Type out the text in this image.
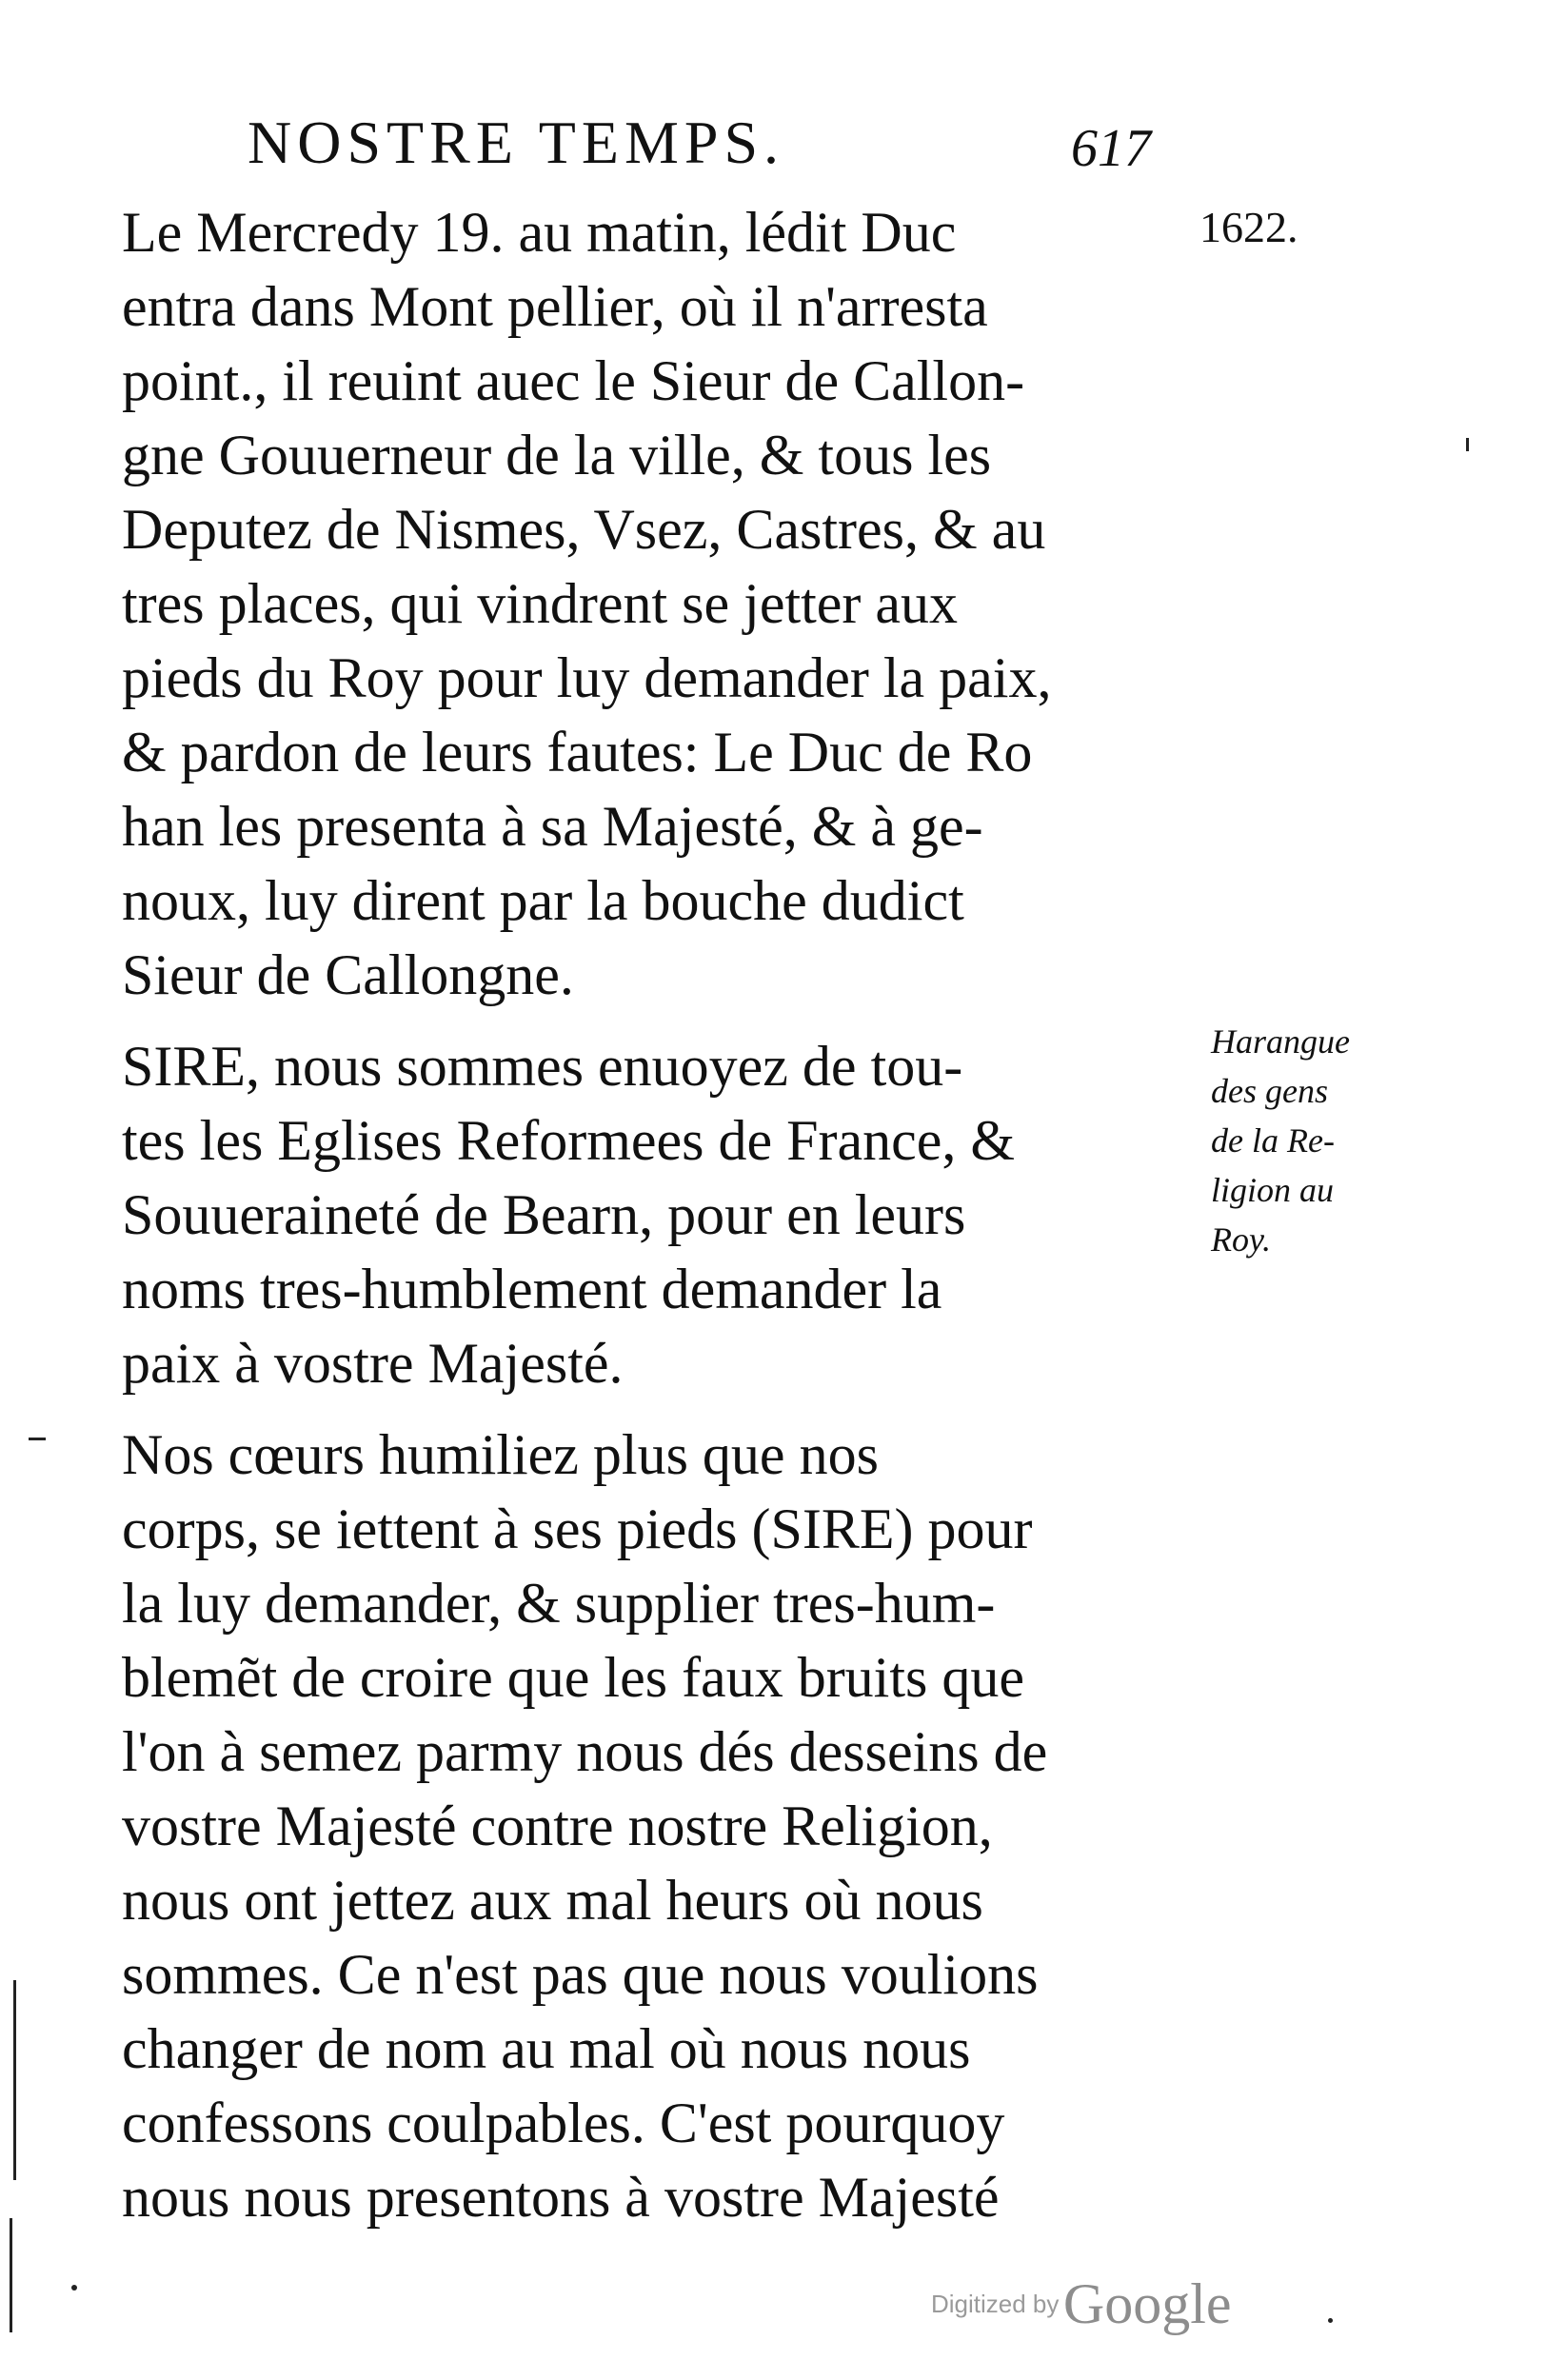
NOSTRE TEMPS.	617
1622.
Le Mercredy 19. au matin, lédit Duc
entra dans Mont pellier, où il n'arresta
point., il reuint auec le Sieur de Callon-
gne Gouuerneur de la ville, & tous les
Deputez de Nismes, Vsez, Castres, & au
tres places, qui vindrent se jetter aux
pieds du Roy pour luy demander la paix,
& pardon de leurs fautes: Le Duc de Ro
han les presenta à sa Majesté, & à ge-
noux, luy dirent par la bouche dudict
Sieur de Callongne.
SIRE, nous sommes enuoyez de tou-
tes les Eglises Reformees de France, &
Souueraineté de Bearn, pour en leurs
noms tres-humblement demander la
paix à vostre Majesté.
Nos cœurs humiliez plus que nos
corps, se iettent à ses pieds (SIRE) pour
la luy demander, & supplier tres-hum-
blemẽt de croire que les faux bruits que
l'on à semez parmy nous dés desseins de
vostre Majesté contre nostre Religion,
nous ont jettez aux mal heurs où nous
sommes. Ce n'est pas que nous voulions
changer de nom au mal où nous nous
confessons coulpables. C'est pourquoy
nous nous presentons à vostre Majesté
Harangue
des gens
de la Re-
ligion au
Roy.
Digitized by Google
